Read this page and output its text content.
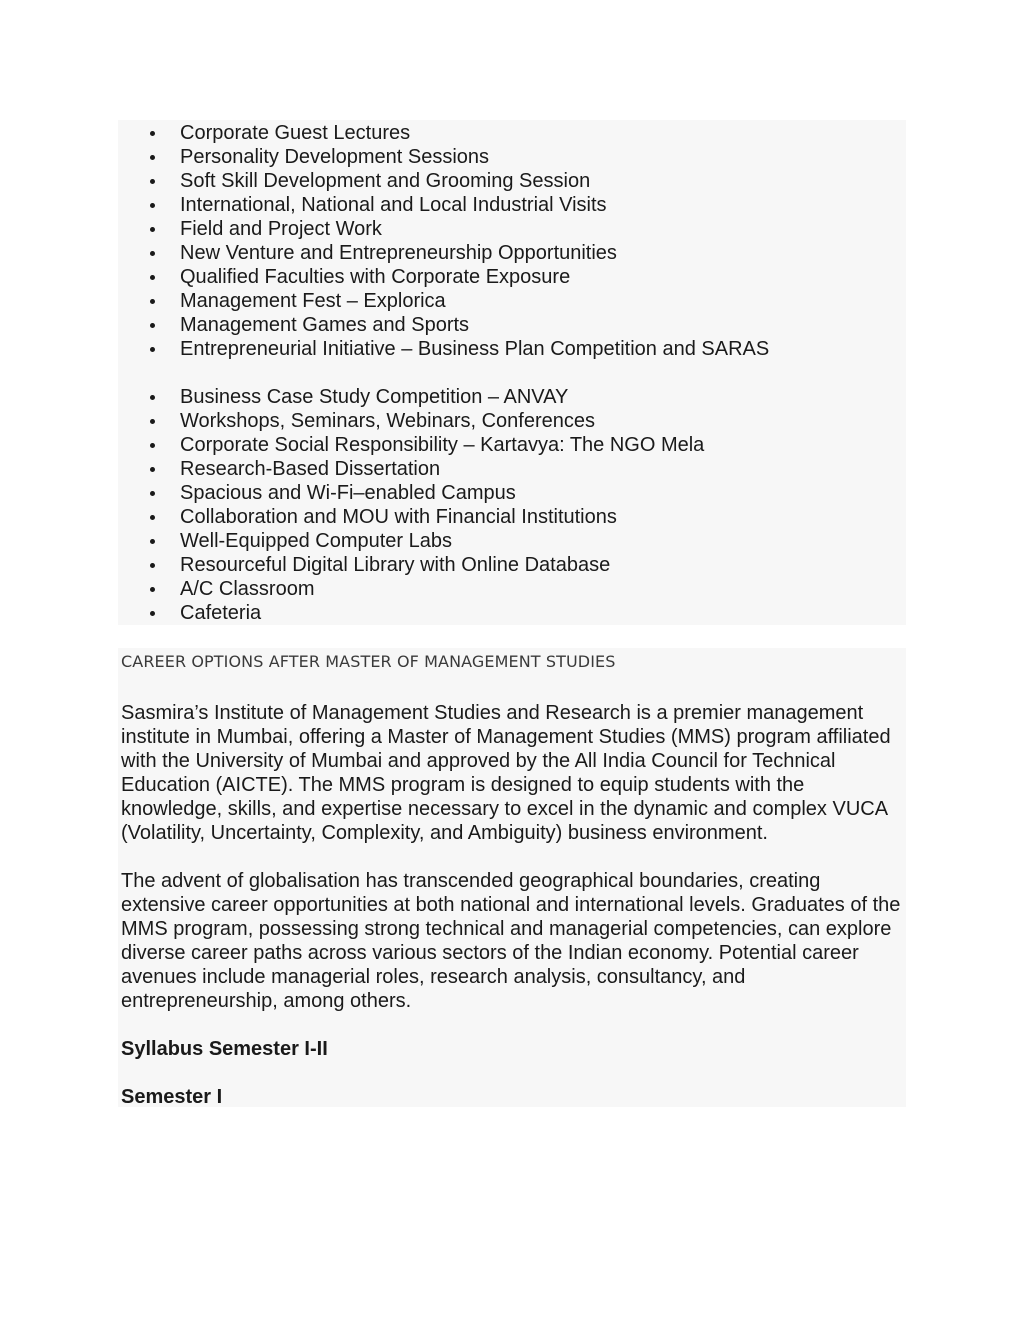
Corporate Guest Lectures
Personality Development Sessions
Soft Skill Development and Grooming Session
International, National and Local Industrial Visits
Field and Project Work
New Venture and Entrepreneurship Opportunities
Qualified Faculties with Corporate Exposure
Management Fest – Explorica
Management Games and Sports
Entrepreneurial Initiative – Business Plan Competition and SARAS
Business Case Study Competition – ANVAY
Workshops, Seminars, Webinars, Conferences
Corporate Social Responsibility – Kartavya: The NGO Mela
Research-Based Dissertation
Spacious and Wi-Fi–enabled Campus
Collaboration and MOU with Financial Institutions
Well-Equipped Computer Labs
Resourceful Digital Library with Online Database
A/C Classroom
Cafeteria
CAREER OPTIONS AFTER MASTER OF MANAGEMENT STUDIES

Sasmira’s Institute of Management Studies and Research is a premier management institute in Mumbai, offering a Master of Management Studies (MMS) program affiliated with the University of Mumbai and approved by the All India Council for Technical Education (AICTE). The MMS program is designed to equip students with the knowledge, skills, and expertise necessary to excel in the dynamic and complex VUCA (Volatility, Uncertainty, Complexity, and Ambiguity) business environment.

The advent of globalisation has transcended geographical boundaries, creating extensive career opportunities at both national and international levels. Graduates of the MMS program, possessing strong technical and managerial competencies, can explore diverse career paths across various sectors of the Indian economy. Potential career avenues include managerial roles, research analysis, consultancy, and entrepreneurship, among others.

Syllabus Semester I-II
Semester I
